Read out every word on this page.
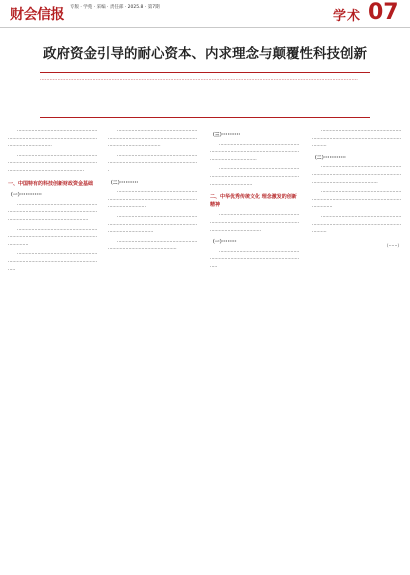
财会信报 专版 · 学苑 · 采编 · 责任部 · 2025.8 · 第7期
学术 07
政府资金引导的耐心资本、内求理念与颠覆性科技创新
········································································································································································································
··················································································································································
········································································································································································
一、中国特有的科技创新财政资金基础
（一）············
···········································································································································································
··································································································································
·························································································································
························································································································································
·····················································································································
（二）··········
··············································································································································
···················································································································································
······································································································
（三）··········
····················································································································································
·················································································································································
二、中华优秀传统文化 理念激发的创新精神
·······················································································································································
（一）········
·························································································································
······························································································································
（二）············
·································································································································································
··································································································································
······························································································································
（······）
